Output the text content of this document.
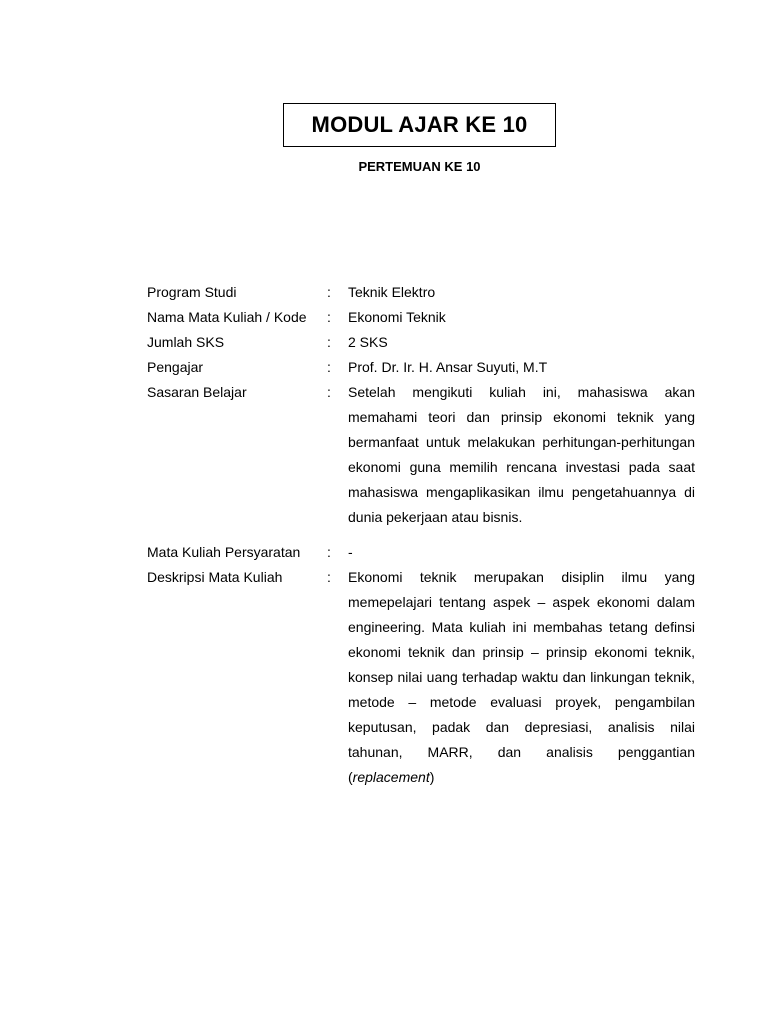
MODUL AJAR KE 10
PERTEMUAN KE 10
Program Studi	:	Teknik Elektro
Nama Mata Kuliah / Kode	:	Ekonomi Teknik
Jumlah SKS	:	2 SKS
Pengajar	:	Prof. Dr. Ir. H. Ansar Suyuti, M.T
Sasaran Belajar	:	Setelah mengikuti kuliah ini, mahasiswa akan memahami teori dan prinsip ekonomi teknik yang bermanfaat untuk melakukan perhitungan-perhitungan ekonomi guna memilih rencana investasi pada saat mahasiswa mengaplikasikan ilmu pengetahuannya di dunia pekerjaan atau bisnis.
Mata Kuliah Persyaratan	:	-
Deskripsi Mata Kuliah	:	Ekonomi teknik merupakan disiplin ilmu yang memepelajari tentang aspek – aspek ekonomi dalam engineering. Mata kuliah ini membahas tetang definsi ekonomi teknik dan prinsip – prinsip ekonomi teknik, konsep nilai uang terhadap waktu dan linkungan teknik, metode – metode evaluasi proyek, pengambilan keputusan, padak dan depresiasi, analisis nilai tahunan, MARR, dan analisis penggantian (replacement)
